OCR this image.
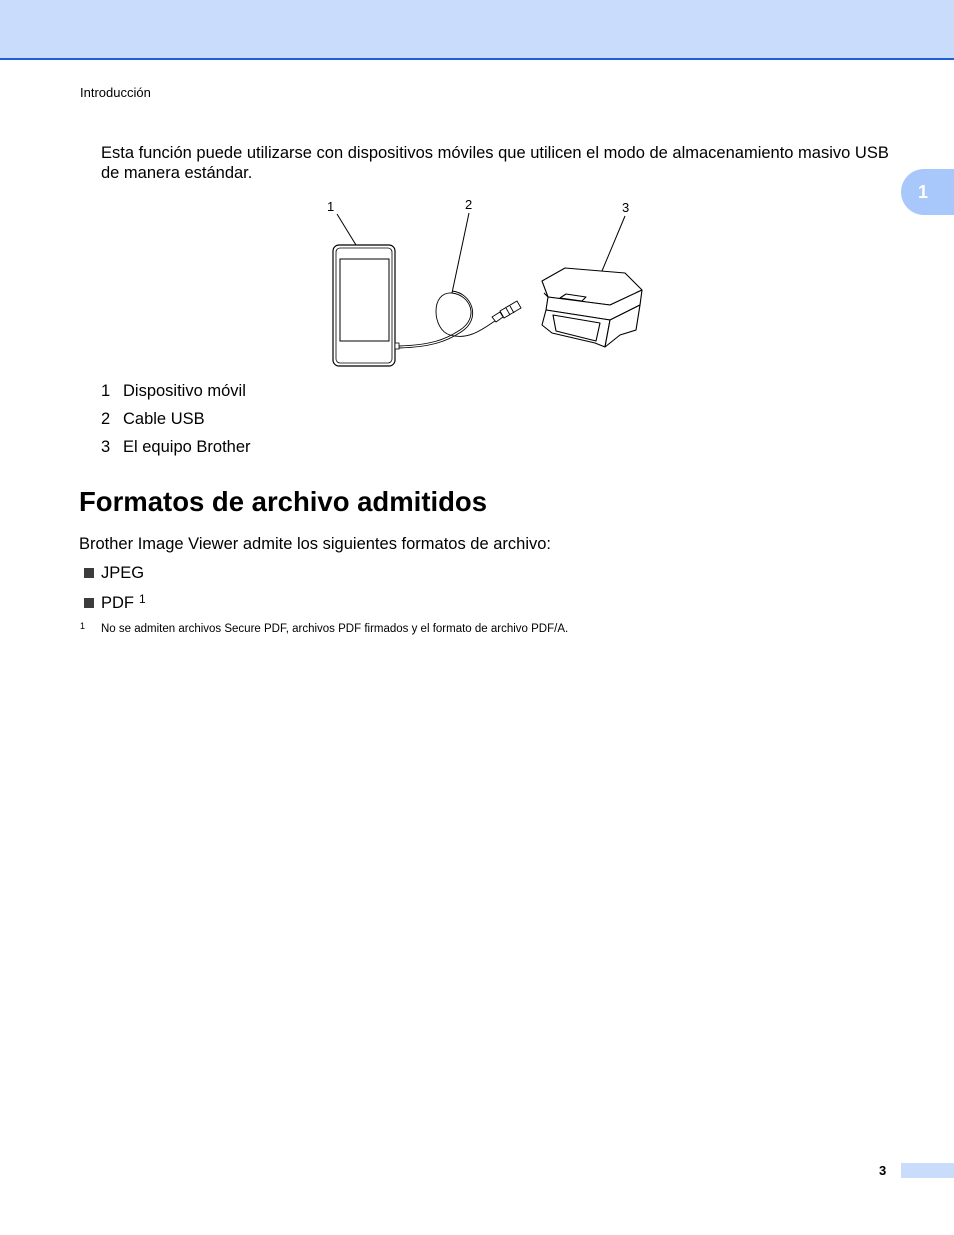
Introducción
1

Esta función puede utilizarse con dispositivos móviles que utilicen el modo de almacenamiento masivo USB de manera estándar.

1	2	3
1 Dispositivo móvil
2 Cable USB
3 El equipo Brother
Formatos de archivo admitidos

Brother Image Viewer admite los siguientes formatos de archivo:

JPEG
PDF $^1$
1 No se admiten archivos Secure PDF, archivos PDF firmados y el formato de archivo PDF/A.
3
